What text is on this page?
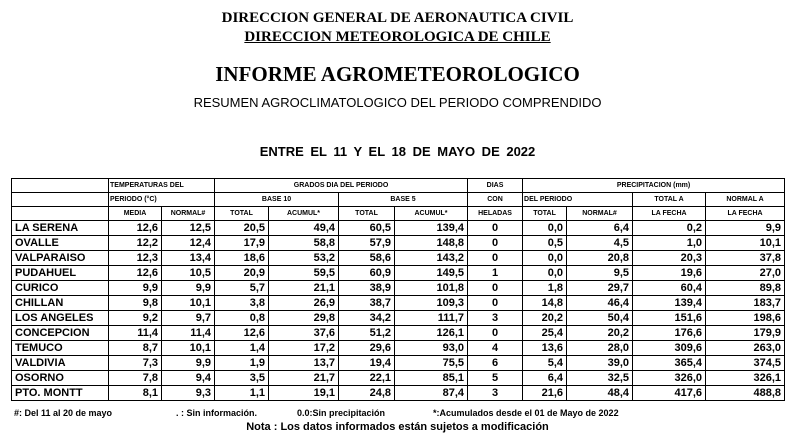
DIRECCION GENERAL DE AERONAUTICA CIVIL
DIRECCION METEOROLOGICA DE CHILE
INFORME AGROMETEOROLOGICO
RESUMEN AGROCLIMATOLOGICO DEL PERIODO COMPRENDIDO
ENTRE EL 11 Y EL 18 DE MAYO DE 2022
	TEMPERATURAS DEL		GRADOS DIA DEL PERIODO				DIAS	PRECIPITACION (mm)			
	PERIODO (°C)		BASE 10		BASE 5		CON	DEL PERIODO		TOTAL A	NORMAL A
	MEDIA	NORMAL#	TOTAL	ACUMUL*	TOTAL	ACUMUL*	HELADAS	TOTAL	NORMAL#	LA FECHA	LA FECHA
LA SERENA	12,6	12,5	20,5	49,4	60,5	139,4	0	0,0	6,4	0,2	9,9
OVALLE	12,2	12,4	17,9	58,8	57,9	148,8	0	0,5	4,5	1,0	10,1
VALPARAISO	12,3	13,4	18,6	53,2	58,6	143,2	0	0,0	20,8	20,3	37,8
PUDAHUEL	12,6	10,5	20,9	59,5	60,9	149,5	1	0,0	9,5	19,6	27,0
CURICO	9,9	9,9	5,7	21,1	38,9	101,8	0	1,8	29,7	60,4	89,8
CHILLAN	9,8	10,1	3,8	26,9	38,7	109,3	0	14,8	46,4	139,4	183,7
LOS ANGELES	9,2	9,7	0,8	29,8	34,2	111,7	3	20,2	50,4	151,6	198,6
CONCEPCION	11,4	11,4	12,6	37,6	51,2	126,1	0	25,4	20,2	176,6	179,9
TEMUCO	8,7	10,1	1,4	17,2	29,6	93,0	4	13,6	28,0	309,6	263,0
VALDIVIA	7,3	9,9	1,9	13,7	19,4	75,5	6	5,4	39,0	365,4	374,5
OSORNO	7,8	9,4	3,5	21,7	22,1	85,1	5	6,4	32,5	326,0	326,1
PTO. MONTT	8,1	9,3	1,1	19,1	24,8	87,4	3	21,6	48,4	417,6	488,8
#: Del 11 al 20 de mayo	. : Sin información.	0.0:Sin precipitación	*:Acumulados desde el 01 de Mayo de 2022
Nota : Los datos informados están sujetos a modificación
